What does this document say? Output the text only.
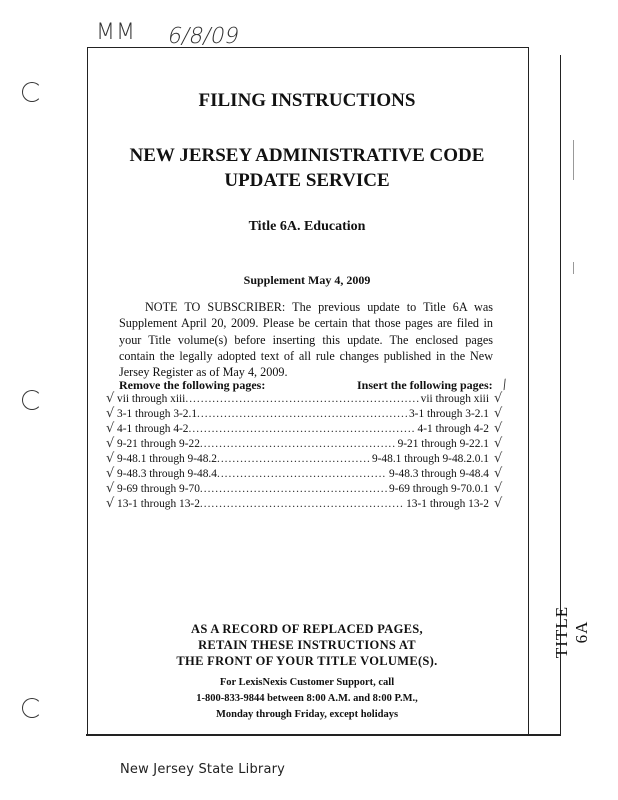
MM 6/8/09
TITLE 6A
FILING INSTRUCTIONS
NEW JERSEY ADMINISTRATIVE CODE
UPDATE SERVICE
Title 6A. Education
Supplement May 4, 2009
NOTE TO SUBSCRIBER: The previous update to Title 6A was Supplement April 20, 2009. Please be certain that those pages are filed in your Title volume(s) before inserting this update. The enclosed pages contain the legally adopted text of all rule changes published in the New Jersey Register as of May 4, 2009.
Remove the following pages:	Insert the following pages: ⁄
vii through xiii .....	vii through xiii
3-1 through 3-2.1 .....	3-1 through 3-2.1
4-1 through 4-2 .....	4-1 through 4-2
9-21 through 9-22 .....	9-21 through 9-22.1
9-48.1 through 9-48.2 .....	9-48.1 through 9-48.2.0.1
9-48.3 through 9-48.4 .....	9-48.3 through 9-48.4
9-69 through 9-70 .....	9-69 through 9-70.0.1
13-1 through 13-2 .....	13-1 through 13-2
√
√
√
√
√
√
√
√
√
√
√
√
√
√
√
√
AS A RECORD OF REPLACED PAGES,
RETAIN THESE INSTRUCTIONS AT
THE FRONT OF YOUR TITLE VOLUME(S).
For LexisNexis Customer Support, call
1-800-833-9844 between 8:00 A.M. and 8:00 P.M.,
Monday through Friday, except holidays
New Jersey State Library
